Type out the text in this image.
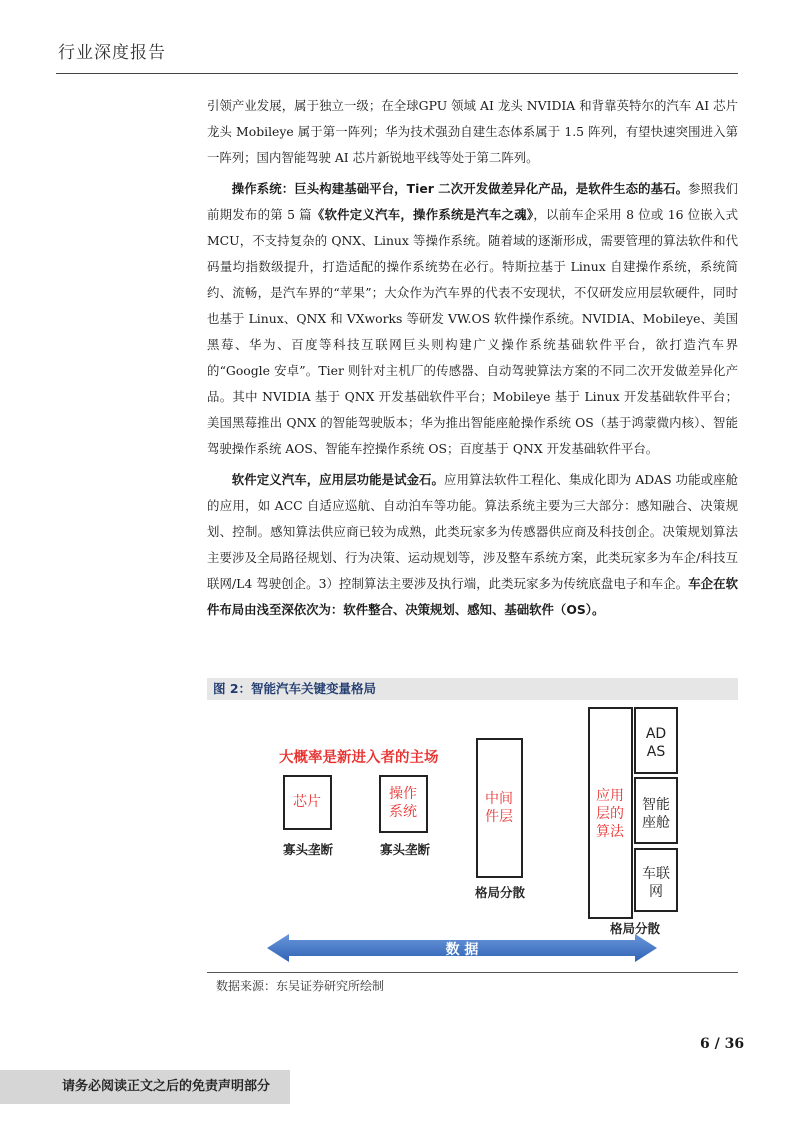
行业深度报告

引领产业发展，属于独立一级；在全球GPU 领域 AI 龙头 NVIDIA 和背靠英特尔的汽车 AI 芯片龙头 Mobileye 属于第一阵列；华为技术强劲自建生态体系属于 1.5 阵列，有望快速突围进入第一阵列；国内智能驾驶 AI 芯片新锐地平线等处于第二阵列。

操作系统：巨头构建基础平台，Tier 二次开发做差异化产品，是软件生态的基石。参照我们前期发布的第 5 篇《软件定义汽车，操作系统是汽车之魂》，以前车企采用 8 位或 16 位嵌入式 MCU，不支持复杂的 QNX、Linux 等操作系统。随着域的逐渐形成，需要管理的算法软件和代码量均指数级提升，打造适配的操作系统势在必行。特斯拉基于 Linux 自建操作系统，系统简约、流畅，是汽车界的“苹果”；大众作为汽车界的代表不安现状，不仅研发应用层软硬件，同时也基于 Linux、QNX 和 VXworks 等研发 VW.OS 软件操作系统。NVIDIA、Mobileye、美国黑莓、华为、百度等科技互联网巨头则构建广义操作系统基础软件平台，欲打造汽车界的“Google 安卓”。Tier 则针对主机厂的传感器、自动驾驶算法方案的不同二次开发做差异化产品。其中 NVIDIA 基于 QNX 开发基础软件平台；Mobileye 基于 Linux 开发基础软件平台；美国黑莓推出 QNX 的智能驾驶版本；华为推出智能座舱操作系统 OS（基于鸿蒙微内核）、智能驾驶操作系统 AOS、智能车控操作系统 OS；百度基于 QNX 开发基础软件平台。

软件定义汽车，应用层功能是试金石。应用算法软件工程化、集成化即为 ADAS 功能或座舱的应用，如 ACC 自适应巡航、自动泊车等功能。算法系统主要为三大部分：感知融合、决策规划、控制。感知算法供应商已较为成熟，此类玩家多为传感器供应商及科技创企。决策规划算法主要涉及全局路径规划、行为决策、运动规划等，涉及整车系统方案，此类玩家多为车企/科技互联网/L4 驾驶创企。3）控制算法主要涉及执行端，此类玩家多为传统底盘电子和车企。车企在软件布局由浅至深依次为：软件整合、决策规划、感知、基础软件（OS）。

图 2：智能汽车关键变量格局
大概率是新进入者的主场
芯片
寡头垄断
操作
系统
寡头垄断
中间
件层
格局分散
应用
层的
算法
AD
AS
智能
座舱
车联
网
格局分散
数 据
数据来源：东吴证券研究所绘制
6 / 36
请务必阅读正文之后的免责声明部分
